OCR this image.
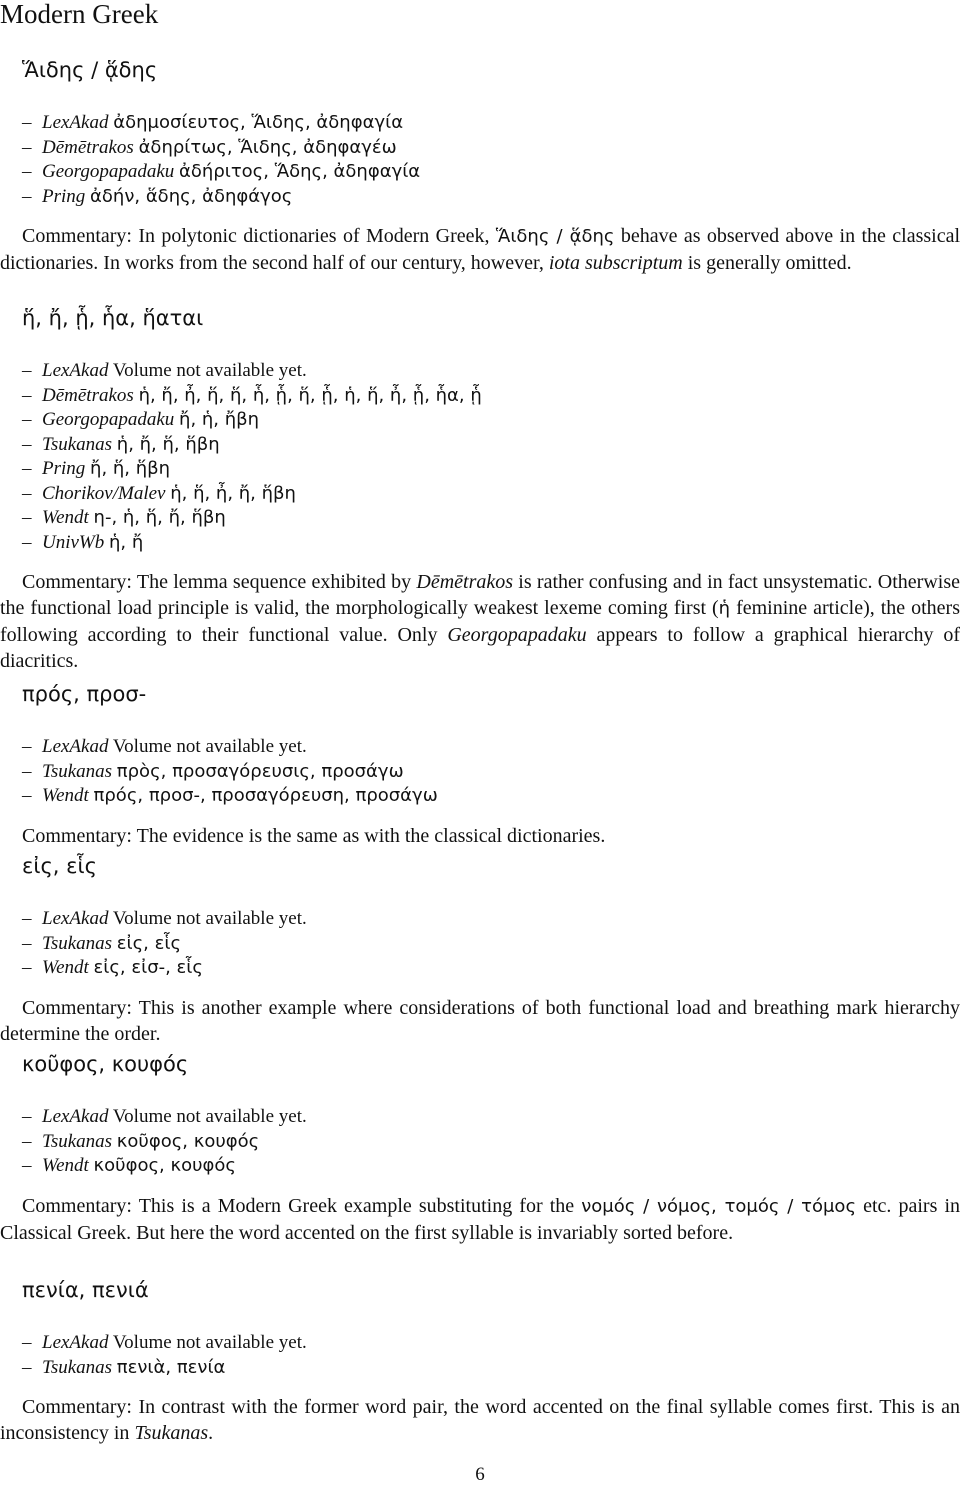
Modern Greek
Ἅιδης / ᾅδης
– LexAkad ἀδημοσίευτος, Ἅιδης, ἀδηφαγία
– Dēmētrakos ἀδηρίτως, Ἅιδης, ἀδηφαγέω
– Georgopapadaku ἀδήριτος, Ἅδης, ἀδηφαγία
– Pring ἀδήν, ἅδης, ἀδηφάγος

Commentary: In polytonic dictionaries of Modern Greek, Ἅιδης / ᾅδης behave as observed above in the classical dictionaries. In works from the second half of our century, however, iota subscriptum is generally omitted.

ἥ, ἤ, ᾗ, ἧα, ἥαται
– LexAkad Volume not available yet.
– Dēmētrakos ἡ, ἤ, ἦ, ἥ, ἥ, ἧ, ᾗ, ἥ, ᾗ, ἡ, ἥ, ἦ, ᾗ, ἧα, ᾗ
– Georgopapadaku ἤ, ἡ, ἤβη
– Tsukanas ἡ, ἤ, ἥ, ἥβη
– Pring ἤ, ἥ, ἥβη
– Chorikov/Malev ἡ, ἥ, ἦ, ἤ, ἥβη
– Wendt η-, ἡ, ἥ, ἤ, ἥβη
– UnivWb ἡ, ἤ

Commentary: The lemma sequence exhibited by Dēmētrakos is rather confusing and in fact unsystematic. Otherwise the functional load principle is valid, the morphologically weakest lexeme coming first (ἡ feminine article), the others following according to their functional value. Only Georgopapadaku appears to follow a graphical hierarchy of diacritics.

πρός, προσ-
– LexAkad Volume not available yet.
– Tsukanas πρὸς, προσαγόρευσις, προσάγω
– Wendt πρός, προσ-, προσαγόρευση, προσάγω

Commentary: The evidence is the same as with the classical dictionaries.

εἰς, εἷς
– LexAkad Volume not available yet.
– Tsukanas εἰς, εἷς
– Wendt εἰς, εἰσ-, εἷς

Commentary: This is another example where considerations of both functional load and breathing mark hierarchy determine the order.

κοῦφος, κουφός
– LexAkad Volume not available yet.
– Tsukanas κοῦφος, κουφός
– Wendt κοῦφος, κουφός

Commentary: This is a Modern Greek example substituting for the νομός / νόμος, τομός / τόμος etc. pairs in Classical Greek. But here the word accented on the first syllable is invariably sorted before.

πενία, πενιά
– LexAkad Volume not available yet.
– Tsukanas πενιὰ, πενία

Commentary: In contrast with the former word pair, the word accented on the final syllable comes first. This is an inconsistency in Tsukanas.

6
